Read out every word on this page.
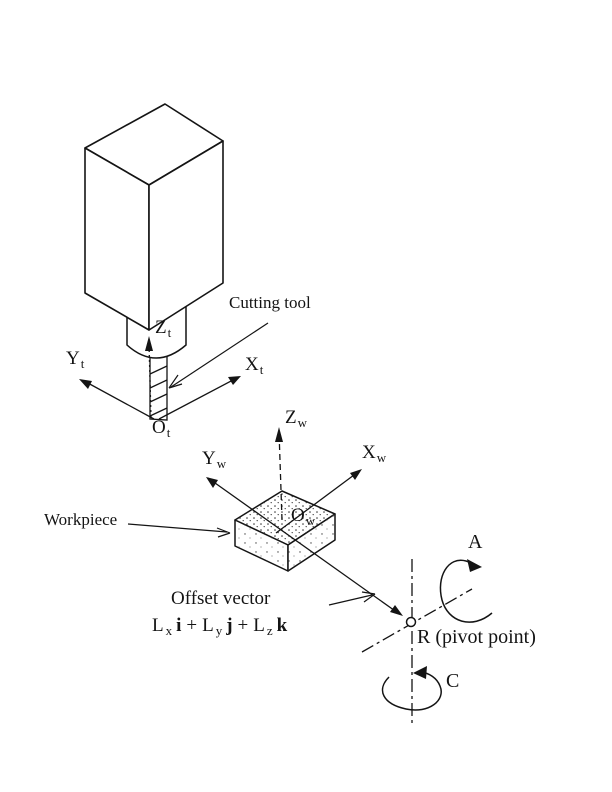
Cutting tool
$Z_t$
$Y_t$	$X_t$
$O_t$
$Z_w$
$Y_w$
$X_w$
$O_w$
Workpiece
Offset vector
L $_x$ i + L $_y$ j + L $_z$ k
R (pivot point)
A
C
